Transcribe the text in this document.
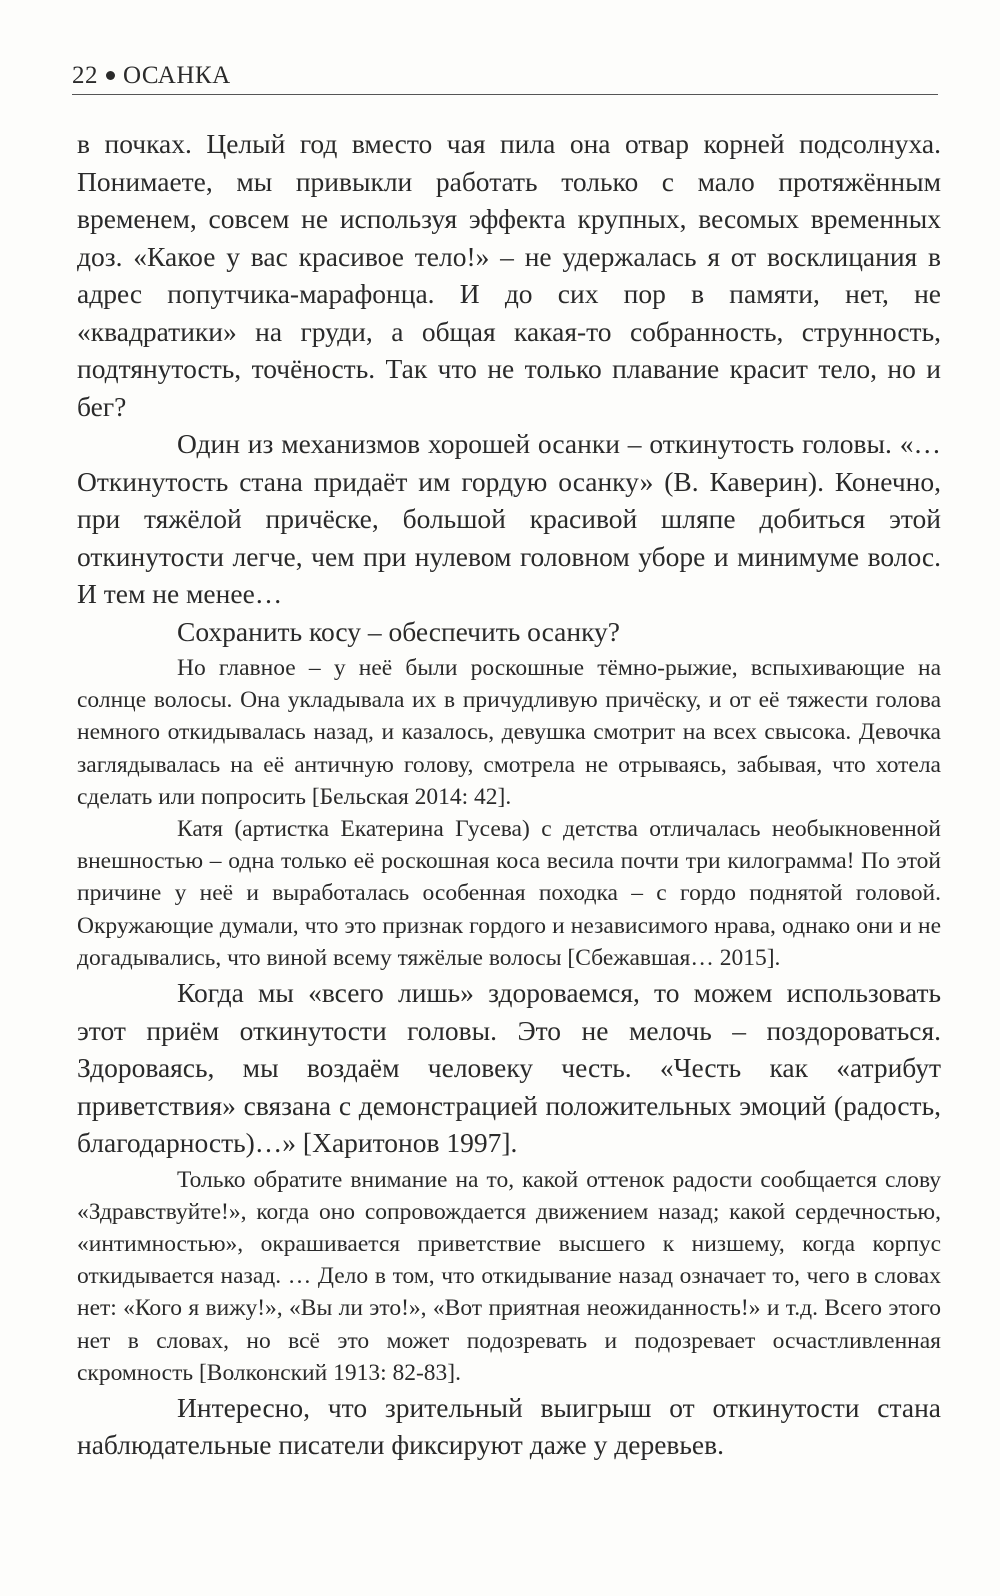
22 ОСАНКА

в почках. Целый год вместо чая пила она отвар корней подсолнуха. Понимаете, мы привыкли работать только с мало протяжённым временем, совсем не используя эффекта крупных, весомых временных доз. «Какое у вас красивое тело!» – не удержалась я от восклицания в адрес попутчика-марафонца. И до сих пор в памяти, нет, не «квадратики» на груди, а общая какая-то собранность, струнность, подтянутость, точёность. Так что не только плавание красит тело, но и бег?

Один из механизмов хорошей осанки – откинутость головы. «…Откинутость стана придаёт им гордую осанку» (В. Каверин). Конечно, при тяжёлой причёске, большой красивой шляпе добиться этой откинутости легче, чем при нулевом головном уборе и минимуме волос. И тем не менее…

Сохранить косу – обеспечить осанку?

Но главное – у неё были роскошные тёмно-рыжие, вспыхивающие на солнце волосы. Она укладывала их в причудливую причёску, и от её тяжести голова немного откидывалась назад, и казалось, девушка смотрит на всех свысока. Девочка заглядывалась на её античную голову, смотрела не отрываясь, забывая, что хотела сделать или попросить [Бельская 2014: 42].

Катя (артистка Екатерина Гусева) с детства отличалась необыкновенной внешностью – одна только её роскошная коса весила почти три килограмма! По этой причине у неё и выработалась особенная походка – с гордо поднятой головой. Окружающие думали, что это признак гордого и независимого нрава, однако они и не догадывались, что виной всему тяжёлые волосы [Сбежавшая… 2015].

Когда мы «всего лишь» здороваемся, то можем использовать этот приём откинутости головы. Это не мелочь – поздороваться. Здороваясь, мы воздаём человеку честь. «Честь как «атрибут приветствия» связана с демонстрацией положительных эмоций (радость, благодарность)…» [Харитонов 1997].

Только обратите внимание на то, какой оттенок радости сообщается слову «Здравствуйте!», когда оно сопровождается движением назад; какой сердечностью, «интимностью», окрашивается приветствие высшего к низшему, когда корпус откидывается назад. … Дело в том, что откидывание назад означает то, чего в словах нет: «Кого я вижу!», «Вы ли это!», «Вот приятная неожиданность!» и т.д. Всего этого нет в словах, но всё это может подозревать и подозревает осчастливленная скромность [Волконский 1913: 82-83].

Интересно, что зрительный выигрыш от откинутости стана наблюдательные писатели фиксируют даже у деревьев.
